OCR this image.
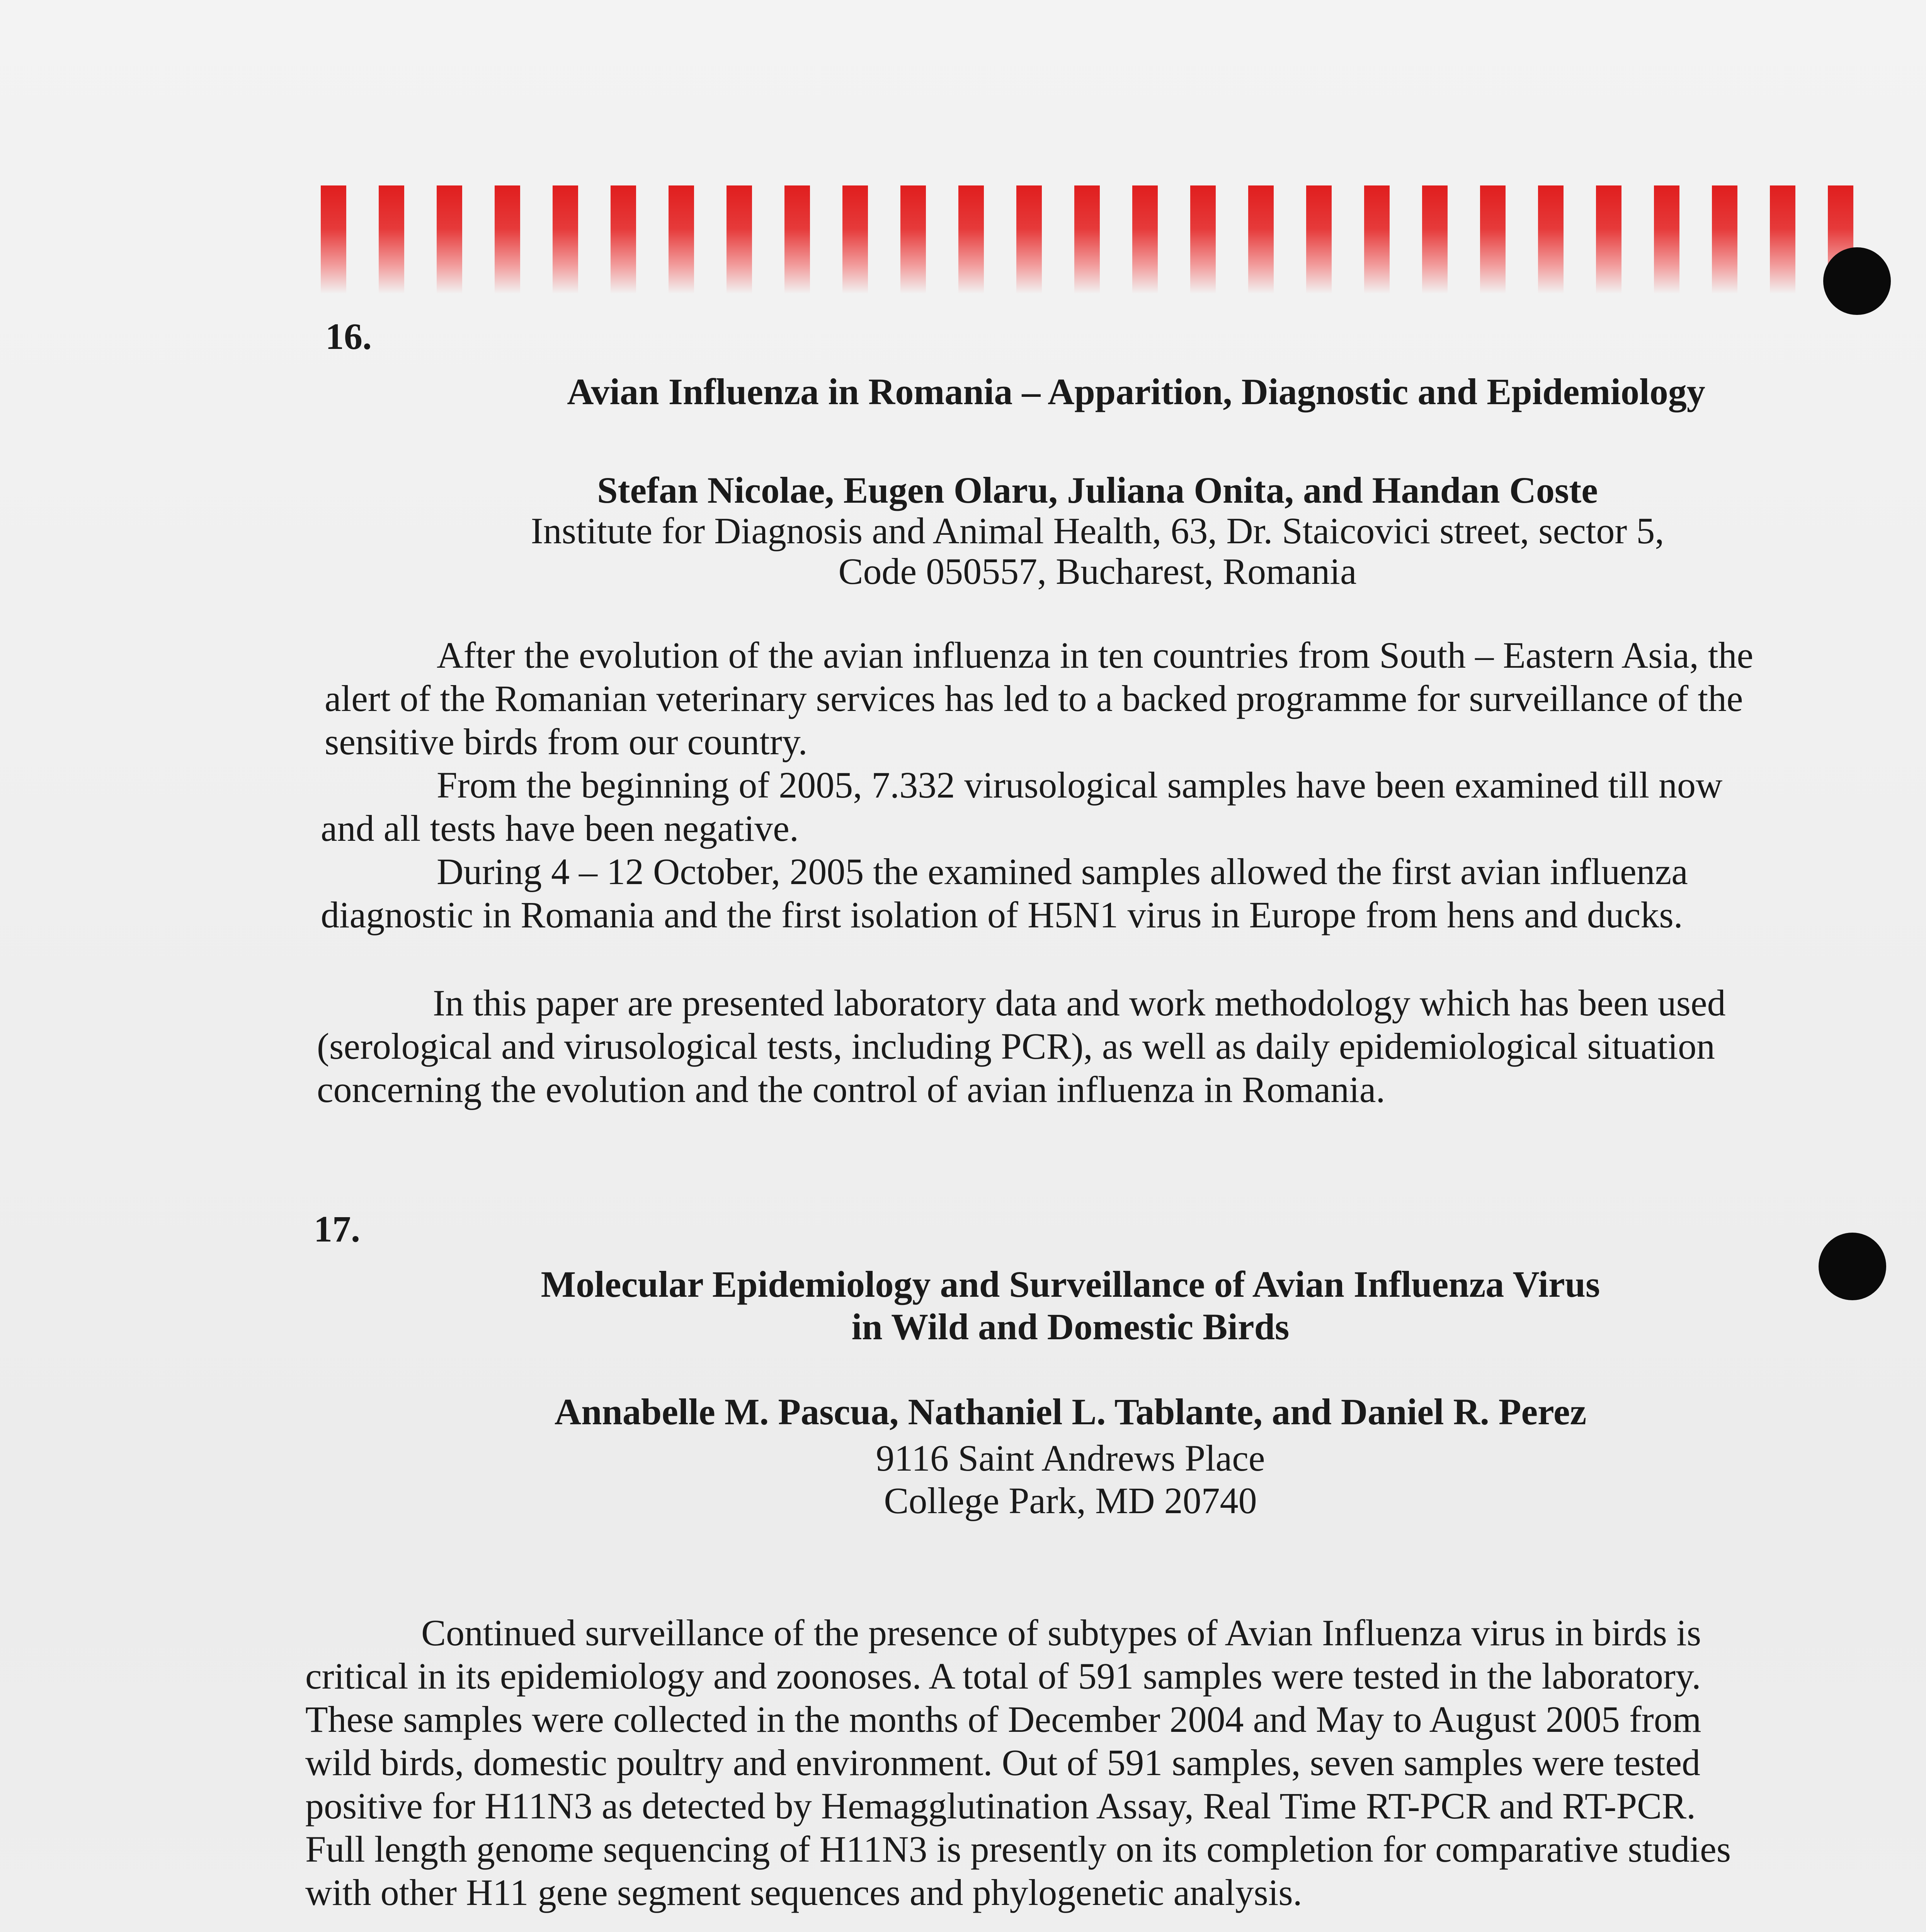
16.
Avian Influenza in Romania – Apparition, Diagnostic and Epidemiology
Stefan Nicolae, Eugen Olaru, Juliana Onita, and Handan Coste
Institute for Diagnosis and Animal Health, 63, Dr. Staicovici street, sector 5,
Code 050557, Bucharest, Romania
After the evolution of the avian influenza in ten countries from South – Eastern Asia, the
alert of the Romanian veterinary services has led to a backed programme for surveillance of the
sensitive birds from our country.
From the beginning of 2005, 7.332 virusological samples have been examined till now
and all tests have been negative.
During 4 – 12 October, 2005 the examined samples allowed the first avian influenza
diagnostic in Romania and the first isolation of H5N1 virus in Europe from hens and ducks.
In this paper are presented laboratory data and work methodology which has been used
(serological and virusological tests, including PCR), as well as daily epidemiological situation
concerning the evolution and the control of avian influenza in Romania.
17.
Molecular Epidemiology and Surveillance of Avian Influenza Virus
in Wild and Domestic Birds
Annabelle M. Pascua, Nathaniel L. Tablante, and Daniel R. Perez
9116 Saint Andrews Place
College Park, MD 20740
Continued surveillance of the presence of subtypes of Avian Influenza virus in birds is
critical in its epidemiology and zoonoses. A total of 591 samples were tested in the laboratory.
These samples were collected in the months of December 2004 and May to August 2005 from
wild birds, domestic poultry and environment. Out of 591 samples, seven samples were tested
positive for H11N3 as detected by Hemagglutination Assay, Real Time RT-PCR and RT-PCR.
Full length genome sequencing of H11N3 is presently on its completion for comparative studies
with other H11 gene segment sequences and phylogenetic analysis.
